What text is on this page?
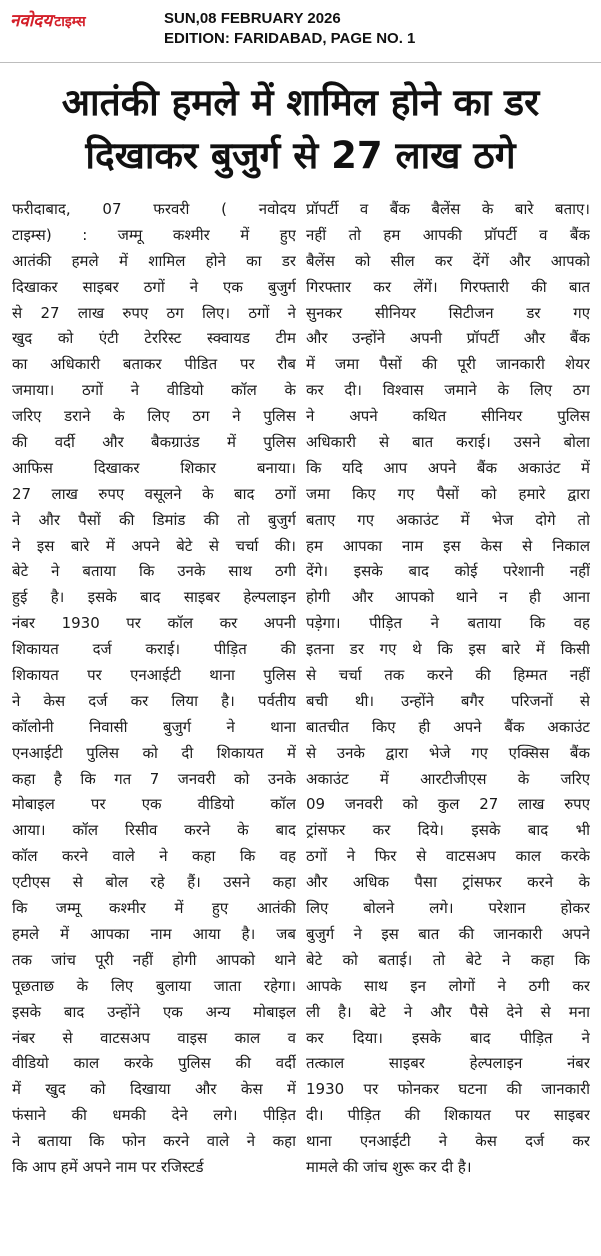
नवोदय टाइम्स	SUN,08 FEBRUARY 2026
EDITION: FARIDABAD, PAGE NO. 1
आतंकी हमले में शामिल होने का डर
दिखाकर बुजुर्ग से 27 लाख ठगे
फरीदाबाद, 07 फरवरी ( नवोदय
टाइम्स) : जम्मू कश्मीर में हुए
आतंकी हमले में शामिल होने का डर
दिखाकर साइबर ठगों ने एक बुजुर्ग
से 27 लाख रुपए ठग लिए। ठगों ने
खुद को एंटी टेररिस्ट स्क्वायड टीम
का अधिकारी बताकर पीडित पर रौब
जमाया। ठगों ने वीडियो कॉल के
जरिए डराने के लिए ठग ने पुलिस
की वर्दी और बैकग्राउंड में पुलिस
आफिस दिखाकर शिकार बनाया।
27 लाख रुपए वसूलने के बाद ठगों
ने और पैसों की डिमांड की तो बुजुर्ग
ने इस बारे में अपने बेटे से चर्चा की।
बेटे ने बताया कि उनके साथ ठगी
हुई है। इसके बाद साइबर हेल्पलाइन
नंबर 1930 पर कॉल कर अपनी
शिकायत दर्ज कराई। पीड़ित की
शिकायत पर एनआईटी थाना पुलिस
ने केस दर्ज कर लिया है। पर्वतीय
कॉलोनी निवासी बुजुर्ग ने थाना
एनआईटी पुलिस को दी शिकायत में
कहा है कि गत 7 जनवरी को उनके
मोबाइल पर एक वीडियो कॉल
आया। कॉल रिसीव करने के बाद
कॉल करने वाले ने कहा कि वह
एटीएस से बोल रहे हैं। उसने कहा
कि जम्मू कश्मीर में हुए आतंकी
हमले में आपका नाम आया है। जब
तक जांच पूरी नहीं होगी आपको थाने
पूछताछ के लिए बुलाया जाता रहेगा।
इसके बाद उन्होंने एक अन्य मोबाइल
नंबर से वाटसअप वाइस काल व
वीडियो काल करके पुलिस की वर्दी
में खुद को दिखाया और केस में
फंसाने की धमकी देने लगे। पीड़ित
ने बताया कि फोन करने वाले ने कहा
कि आप हमें अपने नाम पर रजिस्टर्ड
प्रॉपर्टी व बैंक बैलेंस के बारे बताए।
नहीं तो हम आपकी प्रॉपर्टी व बैंक
बैलेंस को सील कर देंगें और आपको
गिरफ्तार कर लेंगें। गिरफ्तारी की बात
सुनकर सीनियर सिटीजन डर गए
और उन्होंने अपनी प्रॉपर्टी और बैंक
में जमा पैसों की पूरी जानकारी शेयर
कर दी। विश्वास जमाने के लिए ठग
ने अपने कथित सीनियर पुलिस
अधिकारी से बात कराई। उसने बोला
कि यदि आप अपने बैंक अकाउंट में
जमा किए गए पैसों को हमारे द्वारा
बताए गए अकाउंट में भेज दोगे तो
हम आपका नाम इस केस से निकाल
देंगे। इसके बाद कोई परेशानी नहीं
होगी और आपको थाने न ही आना
पड़ेगा। पीड़ित ने बताया कि वह
इतना डर गए थे कि इस बारे में किसी
से चर्चा तक करने की हिम्मत नहीं
बची थी। उन्होंने बगैर परिजनों से
बातचीत किए ही अपने बैंक अकाउंट
से उनके द्वारा भेजे गए एक्सिस बैंक
अकाउंट में आरटीजीएस के जरिए
09 जनवरी को कुल 27 लाख रुपए
ट्रांसफर कर दिये। इसके बाद भी
ठगों ने फिर से वाटसअप काल करके
और अधिक पैसा ट्रांसफर करने के
लिए बोलने लगे। परेशान होकर
बुजुर्ग ने इस बात की जानकारी अपने
बेटे को बताई। तो बेटे ने कहा कि
आपके साथ इन लोगों ने ठगी कर
ली है। बेटे ने और पैसे देने से मना
कर दिया। इसके बाद पीड़ित ने
तत्काल साइबर हेल्पलाइन नंबर
1930 पर फोनकर घटना की जानकारी
दी। पीड़ित की शिकायत पर साइबर
थाना एनआईटी ने केस दर्ज कर
मामले की जांच शुरू कर दी है।
